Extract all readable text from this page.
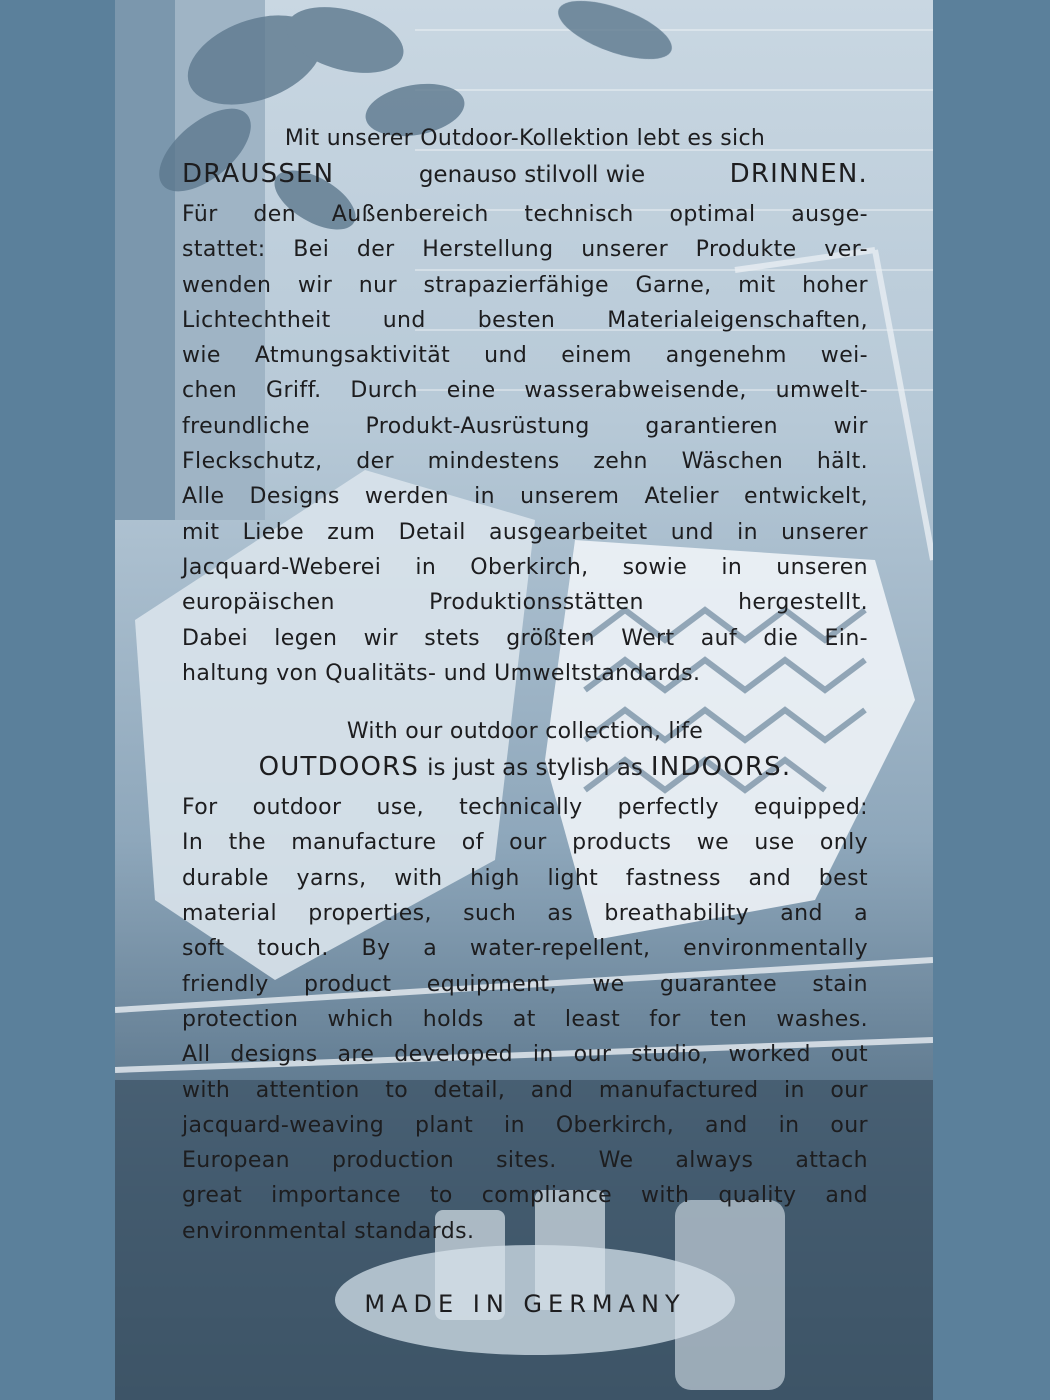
Mit unserer Outdoor-Kollektion lebt es sich

DRAUSSEN	genauso stilvoll wie	DRINNEN.

Für den Außenbereich technisch optimal ausge-
stattet: Bei der Herstellung unserer Produkte ver-
wenden wir nur strapazierfähige Garne, mit hoher
Lichtechtheit und besten Materialeigenschaften,
wie Atmungsaktivität und einem angenehm wei-
chen Griff. Durch eine wasserabweisende, umwelt-
freundliche Produkt-Ausrüstung garantieren wir
Fleckschutz, der mindestens zehn Wäschen hält.
Alle Designs werden in unserem Atelier entwickelt,
mit Liebe zum Detail ausgearbeitet und in unserer
Jacquard-Weberei in Oberkirch, sowie in unseren
europäischen Produktionsstätten hergestellt.
Dabei legen wir stets größten Wert auf die Ein-
haltung von Qualitäts- und Umweltstandards.

With our outdoor collection, life

OUTDOORS is just as stylish as INDOORS.

For outdoor use, technically perfectly equipped:
In the manufacture of our products we use only
durable yarns, with high light fastness and best
material properties, such as breathability and a
soft touch. By a water-repellent, environmentally
friendly product equipment, we guarantee stain
protection which holds at least for ten washes.
All designs are developed in our studio, worked out
with attention to detail, and manufactured in our
jacquard-weaving plant in Oberkirch, and in our
European production sites. We always attach
great importance to compliance with quality and
environmental standards.

MADE IN GERMANY
